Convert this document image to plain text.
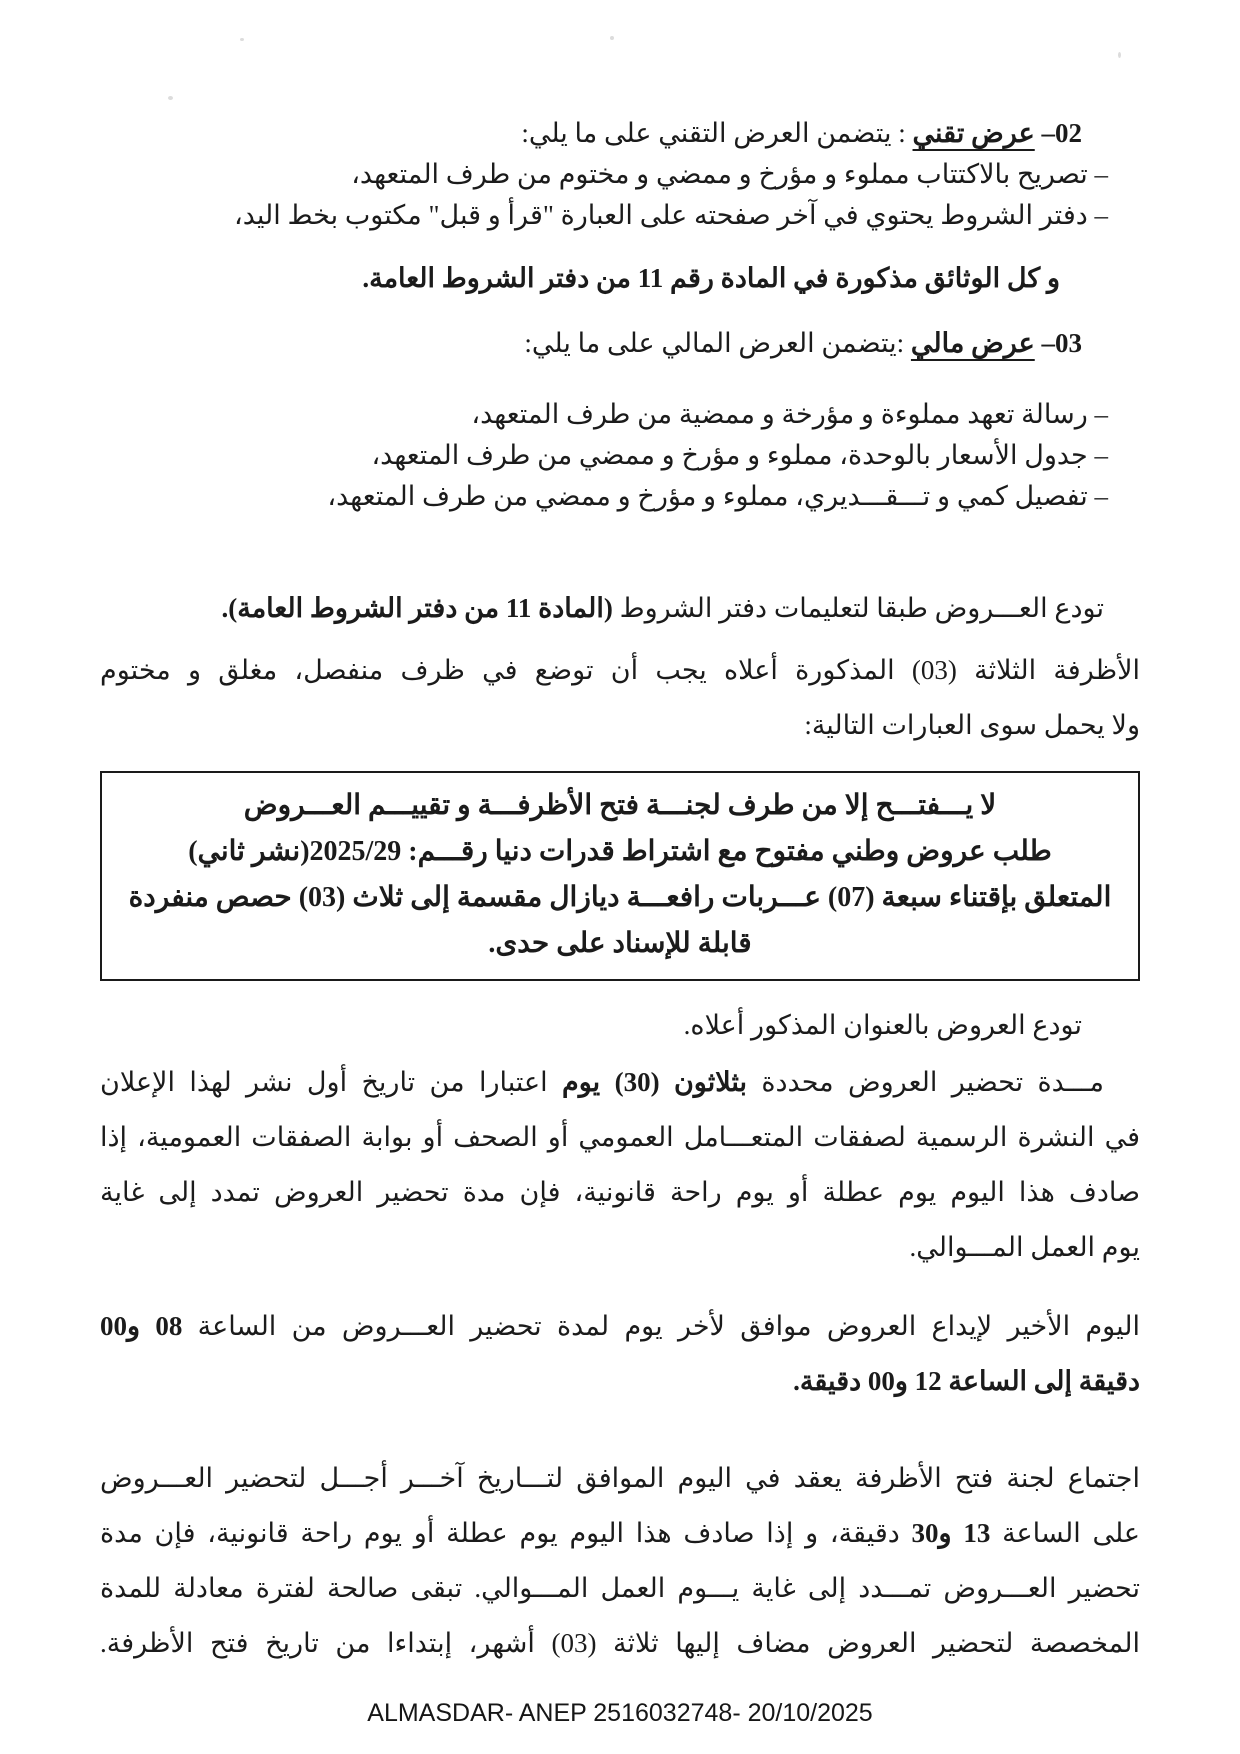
02– عرض تقني : يتضمن العرض التقني على ما يلي:

– تصريح بالاكتتاب مملوء و مؤرخ و ممضي و مختوم من طرف المتعهد،

– دفتر الشروط يحتوي في آخر صفحته على العبارة "قرأ و قبل" مكتوب بخط اليد،

و كل الوثائق مذكورة في المادة رقم 11 من دفتر الشروط العامة.

03– عرض مالي :يتضمن العرض المالي على ما يلي:

– رسالة تعهد مملوءة و مؤرخة و ممضية من طرف المتعهد،

– جدول الأسعار بالوحدة، مملوء و مؤرخ و ممضي من طرف المتعهد،

– تفصيل كمي و تـــقـــديري، مملوء و مؤرخ و ممضي من طرف المتعهد،

تودع العـــروض طبقا لتعليمات دفتر الشروط (المادة 11 من دفتر الشروط العامة).

الأظرفة الثلاثة (03) المذكورة أعلاه يجب أن توضع في ظرف منفصل، مغلق و مختوم
ولا يحمل سوى العبارات التالية:
لا يـــفتـــح إلا من طرف لجنـــة فتح الأظرفـــة و تقييـــم العـــروض
طلب عروض وطني مفتوح مع اشتراط قدرات دنيا رقـــم: 2025/29(نشر ثاني)
المتعلق بإقتناء سبعة (07) عـــربات رافعـــة ديازال مقسمة إلى ثلاث (03) حصص منفردة
قابلة للإسناد على حدى.

تودع العروض بالعنوان المذكور أعلاه.

مـــدة تحضير العروض محددة بثلاثون (30) يوم اعتبارا من تاريخ أول نشر لهذا الإعلان
في النشرة الرسمية لصفقات المتعـــامل العمومي أو الصحف أو بوابة الصفقات العمومية، إذا
صادف هذا اليوم يوم عطلة أو يوم راحة قانونية، فإن مدة تحضير العروض تمدد إلى غاية
يوم العمل المـــوالي.
اليوم الأخير لإيداع العروض موافق لأخر يوم لمدة تحضير العـــروض من الساعة 08 و00
دقيقة إلى الساعة 12 و00 دقيقة.
اجتماع لجنة فتح الأظرفة يعقد في اليوم الموافق لتـــاريخ آخـــر أجـــل لتحضير العـــروض
على الساعة 13 و30 دقيقة، و إذا صادف هذا اليوم يوم عطلة أو يوم راحة قانونية، فإن مدة
تحضير العـــروض تمـــدد إلى غاية يـــوم العمل المـــوالي. تبقى صالحة لفترة معادلة للمدة
المخصصة لتحضير العروض مضاف إليها ثلاثة (03) أشهر، إبتداءا من تاريخ فتح الأظرفة.
ALMASDAR- ANEP 2516032748- 20/10/2025
